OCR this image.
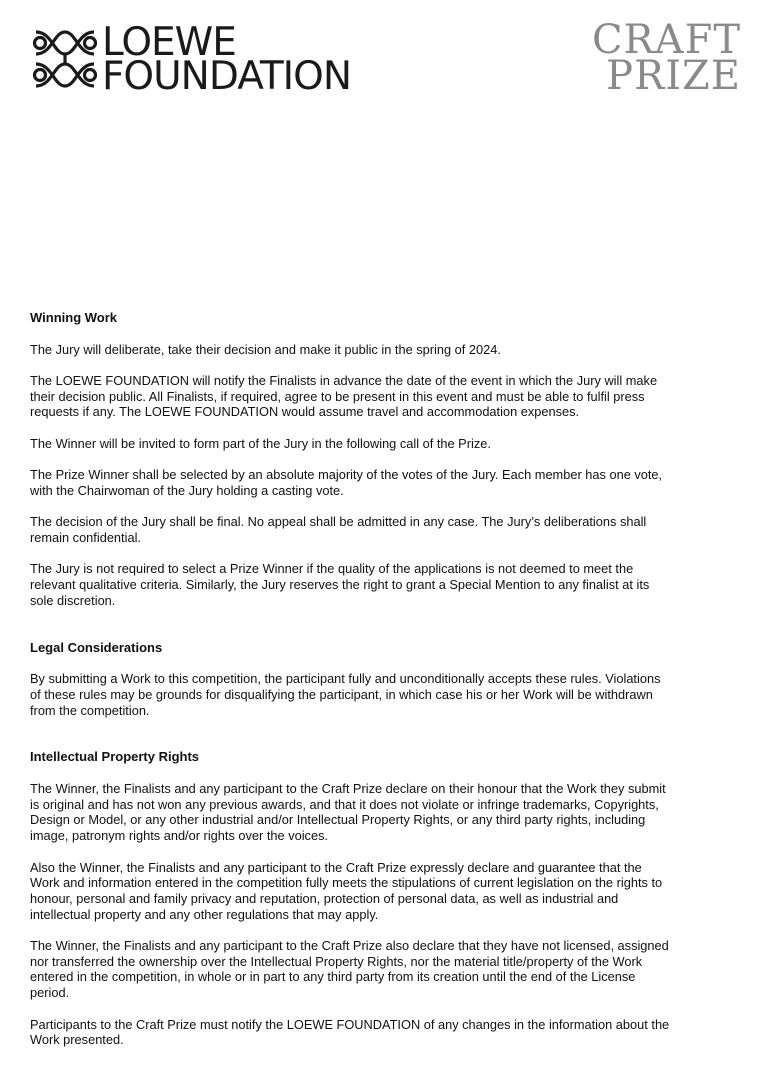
LOEWE
FOUNDATION
CRAFT
PRIZE
Winning Work

The Jury will deliberate, take their decision and make it public in the spring of 2024.

The LOEWE FOUNDATION will notify the Finalists in advance the date of the event in which the Jury will make their decision public. All Finalists, if required, agree to be present in this event and must be able to fulfil press requests if any. The LOEWE FOUNDATION would assume travel and accommodation expenses.

The Winner will be invited to form part of the Jury in the following call of the Prize.

The Prize Winner shall be selected by an absolute majority of the votes of the Jury. Each member has one vote, with the Chairwoman of the Jury holding a casting vote.

The decision of the Jury shall be final. No appeal shall be admitted in any case. The Jury’s deliberations shall remain confidential.

The Jury is not required to select a Prize Winner if the quality of the applications is not deemed to meet the relevant qualitative criteria. Similarly, the Jury reserves the right to grant a Special Mention to any finalist at its sole discretion.

Legal Considerations

By submitting a Work to this competition, the participant fully and unconditionally accepts these rules. Violations of these rules may be grounds for disqualifying the participant, in which case his or her Work will be withdrawn from the competition.

Intellectual Property Rights

The Winner, the Finalists and any participant to the Craft Prize declare on their honour that the Work they submit is original and has not won any previous awards, and that it does not violate or infringe trademarks, Copyrights, Design or Model, or any other industrial and/or Intellectual Property Rights, or any third party rights, including image, patronym rights and/or rights over the voices.

Also the Winner, the Finalists and any participant to the Craft Prize expressly declare and guarantee that the Work and information entered in the competition fully meets the stipulations of current legislation on the rights to honour, personal and family privacy and reputation, protection of personal data, as well as industrial and intellectual property and any other regulations that may apply.

The Winner, the Finalists and any participant to the Craft Prize also declare that they have not licensed, assigned nor transferred the ownership over the Intellectual Property Rights, nor the material title/property of the Work entered in the competition, in whole or in part to any third party from its creation until the end of the License period.

Participants to the Craft Prize must notify the LOEWE FOUNDATION of any changes in the information about the Work presented.
